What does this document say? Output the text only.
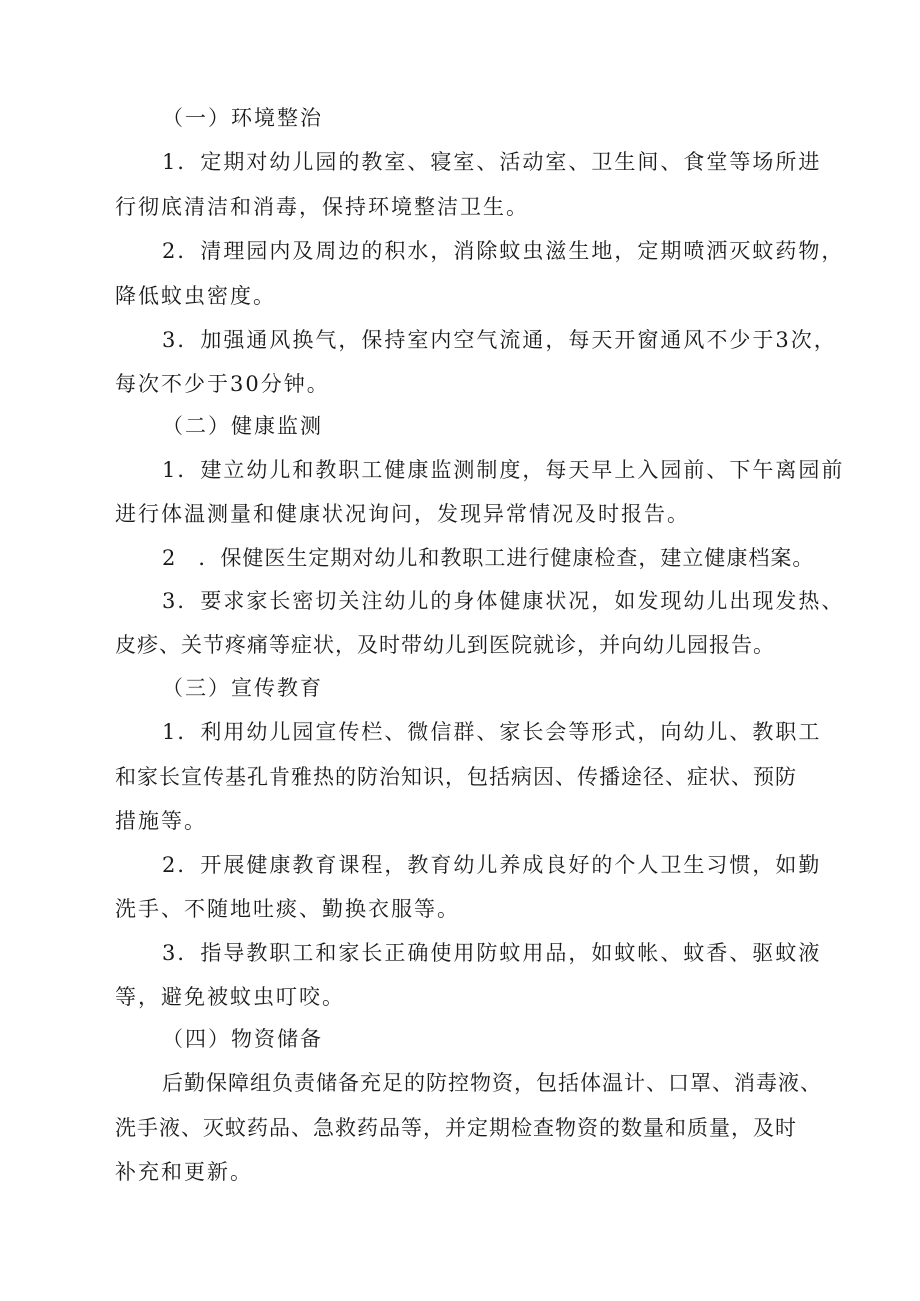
（一）环境整治
1．定期对幼儿园的教室、寝室、活动室、卫生间、食堂等场所进
行彻底清洁和消毒，保持环境整洁卫生。
2．清理园内及周边的积水，消除蚊虫滋生地，定期喷洒灭蚊药物，
降低蚊虫密度。
3．加强通风换气，保持室内空气流通，每天开窗通风不少于3次，
每次不少于30分钟。
（二）健康监测
1．建立幼儿和教职工健康监测制度，每天早上入园前、下午离园前
进行体温测量和健康状况询问，发现异常情况及时报告。
2　．保健医生定期对幼儿和教职工进行健康检查，建立健康档案。
3．要求家长密切关注幼儿的身体健康状况，如发现幼儿出现发热、
皮疹、关节疼痛等症状，及时带幼儿到医院就诊，并向幼儿园报告。
（三）宣传教育
1．利用幼儿园宣传栏、微信群、家长会等形式，向幼儿、教职工
和家长宣传基孔肯雅热的防治知识，包括病因、传播途径、症状、预防
措施等。
2．开展健康教育课程，教育幼儿养成良好的个人卫生习惯，如勤
洗手、不随地吐痰、勤换衣服等。
3．指导教职工和家长正确使用防蚊用品，如蚊帐、蚊香、驱蚊液
等，避免被蚊虫叮咬。
（四）物资储备
后勤保障组负责储备充足的防控物资，包括体温计、口罩、消毒液、
洗手液、灭蚊药品、急救药品等，并定期检查物资的数量和质量，及时
补充和更新。
